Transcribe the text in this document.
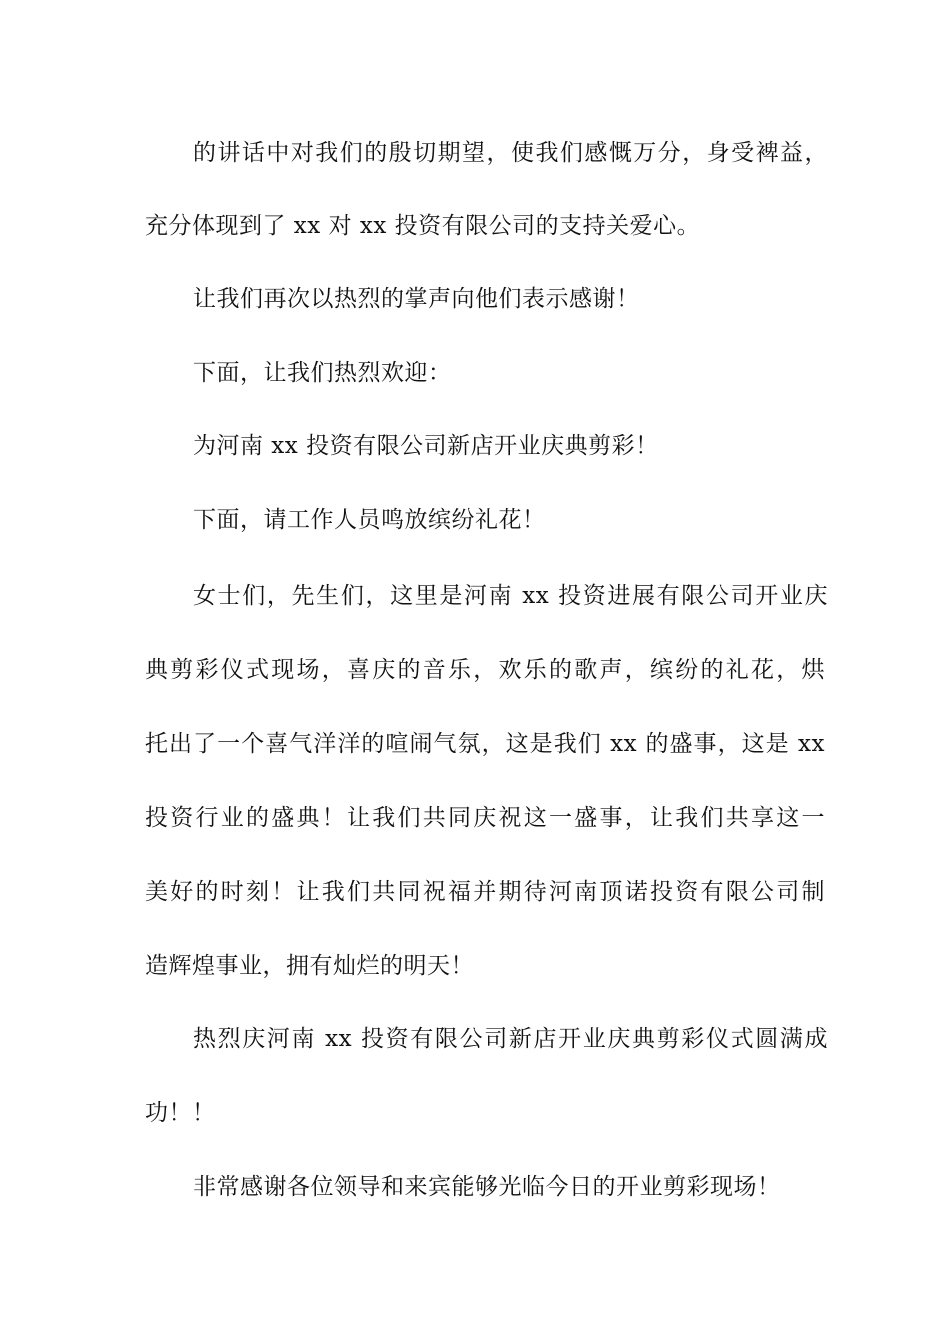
的讲话中对我们的殷切期望，使我们感慨万分，身受裨益，
充分体现到了 xx 对 xx 投资有限公司的支持关爱心。
让我们再次以热烈的掌声向他们表示感谢！
下面，让我们热烈欢迎：
为河南 xx 投资有限公司新店开业庆典剪彩！
下面，请工作人员鸣放缤纷礼花！
女士们，先生们，这里是河南 xx 投资进展有限公司开业庆
典剪彩仪式现场，喜庆的音乐，欢乐的歌声，缤纷的礼花，烘
托出了一个喜气洋洋的喧闹气氛，这是我们 xx 的盛事，这是 xx
投资行业的盛典！让我们共同庆祝这一盛事，让我们共享这一
美好的时刻！让我们共同祝福并期待河南顶诺投资有限公司制
造辉煌事业，拥有灿烂的明天！
热烈庆河南 xx 投资有限公司新店开业庆典剪彩仪式圆满成
功！！
非常感谢各位领导和来宾能够光临今日的开业剪彩现场！
